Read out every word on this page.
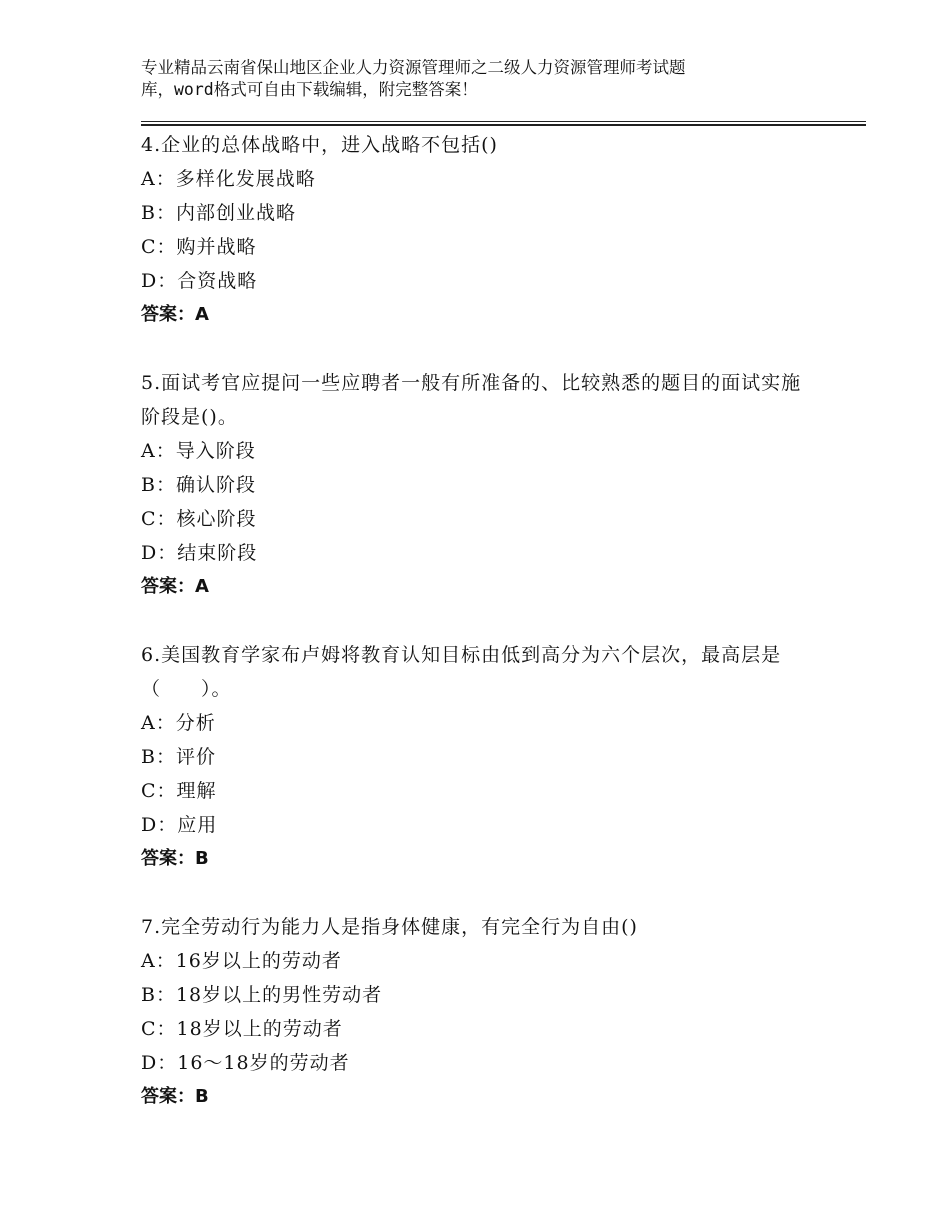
专业精品云南省保山地区企业人力资源管理师之二级人力资源管理师考试题
库，word格式可自由下载编辑，附完整答案！

4.企业的总体战略中，进入战略不包括()

A：多样化发展战略

B：内部创业战略

C：购并战略

D：合资战略

答案：A

5.面试考官应提问一些应聘者一般有所准备的、比较熟悉的题目的面试实施阶段是()。

A：导入阶段

B：确认阶段

C：核心阶段

D：结束阶段

答案：A

6.美国教育学家布卢姆将教育认知目标由低到高分为六个层次，最高层是（　　）。

A：分析

B：评价

C：理解

D：应用

答案：B

7.完全劳动行为能力人是指身体健康，有完全行为自由()

A：16岁以上的劳动者

B：18岁以上的男性劳动者

C：18岁以上的劳动者

D：16～18岁的劳动者

答案：B
